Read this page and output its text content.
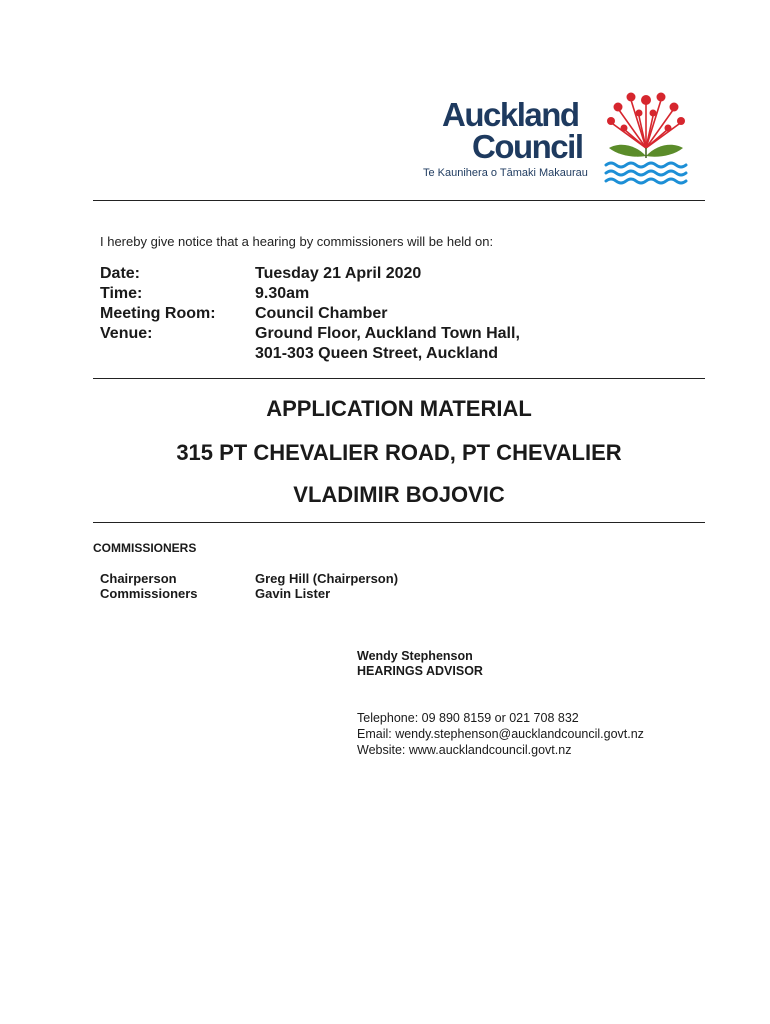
Auckland
Council
Te Kaunihera o Tāmaki Makaurau
I hereby give notice that a hearing by commissioners will be held on:
Date:	Tuesday 21 April 2020
Time:	9.30am
Meeting Room:	Council Chamber
Venue:	Ground Floor, Auckland Town Hall,
301-303 Queen Street, Auckland
APPLICATION MATERIAL
315 PT CHEVALIER ROAD, PT CHEVALIER
VLADIMIR BOJOVIC
COMMISSIONERS
Chairperson	Greg Hill (Chairperson)
Commissioners	Gavin Lister
Wendy Stephenson
HEARINGS ADVISOR
Telephone: 09 890 8159 or 021 708 832
Email: wendy.stephenson@aucklandcouncil.govt.nz
Website: www.aucklandcouncil.govt.nz
